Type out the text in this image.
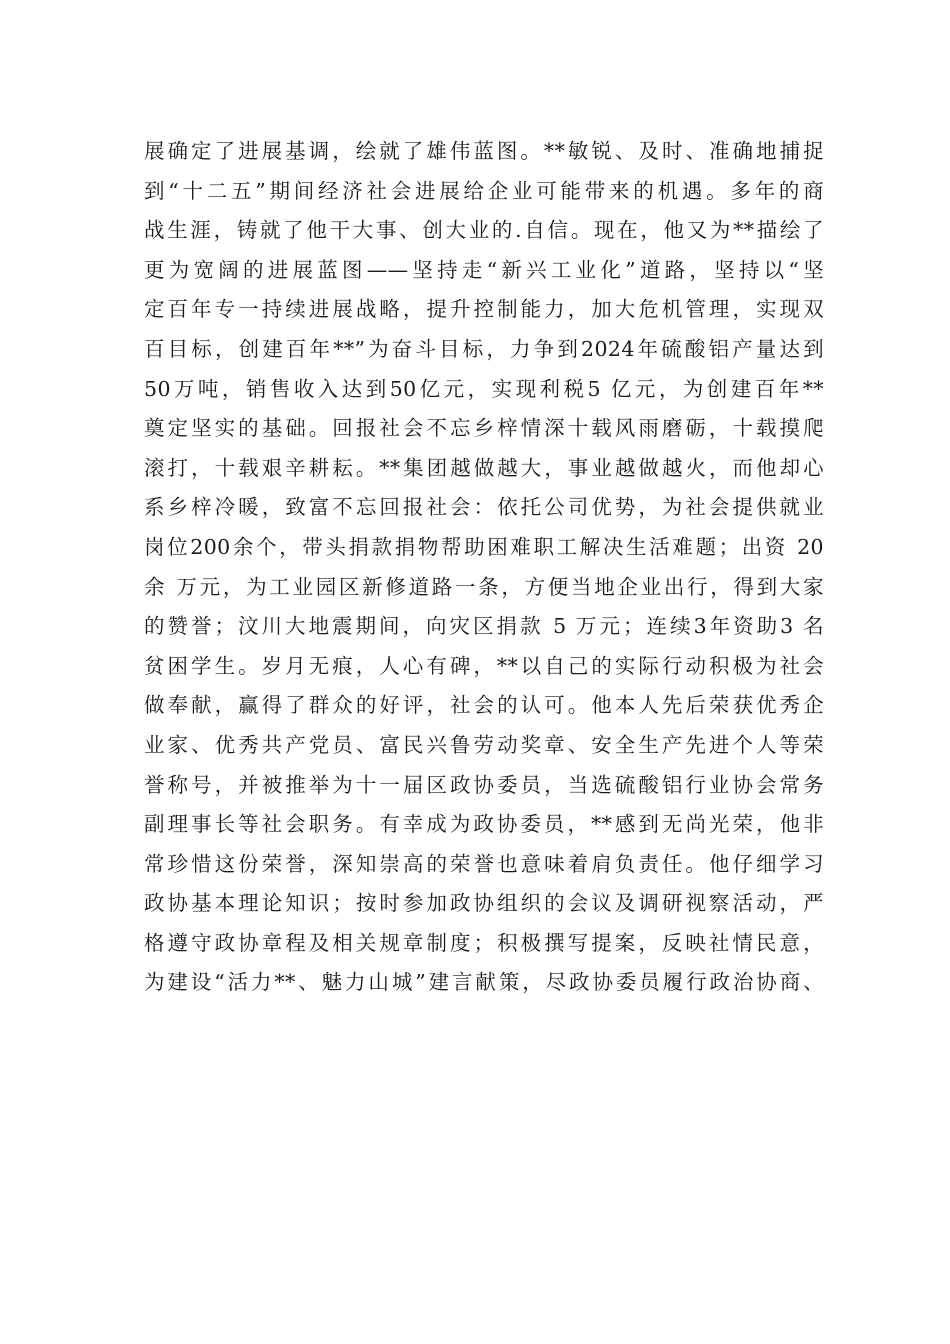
展确定了进展基调，绘就了雄伟蓝图。**敏锐、及时、准确地捕捉
到“十二五”期间经济社会进展给企业可能带来的机遇。多年的商
战生涯，铸就了他干大事、创大业的.自信。现在，他又为**描绘了
更为宽阔的进展蓝图——坚持走“新兴工业化”道路，坚持以“坚
定百年专一持续进展战略，提升控制能力，加大危机管理，实现双
百目标，创建百年**”为奋斗目标，力争到2024年硫酸铝产量达到
50万吨，销售收入达到50亿元，实现利税5 亿元，为创建百年**
奠定坚实的基础。回报社会不忘乡梓情深十载风雨磨砺，十载摸爬
滚打，十载艰辛耕耘。**集团越做越大，事业越做越火，而他却心
系乡梓冷暖，致富不忘回报社会：依托公司优势，为社会提供就业
岗位200余个，带头捐款捐物帮助困难职工解决生活难题；出资 20
余 万元，为工业园区新修道路一条，方便当地企业出行，得到大家
的赞誉；汶川大地震期间，向灾区捐款 5 万元；连续3年资助3 名
贫困学生。岁月无痕，人心有碑，**以自己的实际行动积极为社会
做奉献，赢得了群众的好评，社会的认可。他本人先后荣获优秀企
业家、优秀共产党员、富民兴鲁劳动奖章、安全生产先进个人等荣
誉称号，并被推举为十一届区政协委员，当选硫酸铝行业协会常务
副理事长等社会职务。有幸成为政协委员，**感到无尚光荣，他非
常珍惜这份荣誉，深知崇高的荣誉也意味着肩负责任。他仔细学习
政协基本理论知识；按时参加政协组织的会议及调研视察活动，严
格遵守政协章程及相关规章制度；积极撰写提案，反映社情民意，
为建设“活力**、魅力山城”建言献策，尽政协委员履行政治协商、
